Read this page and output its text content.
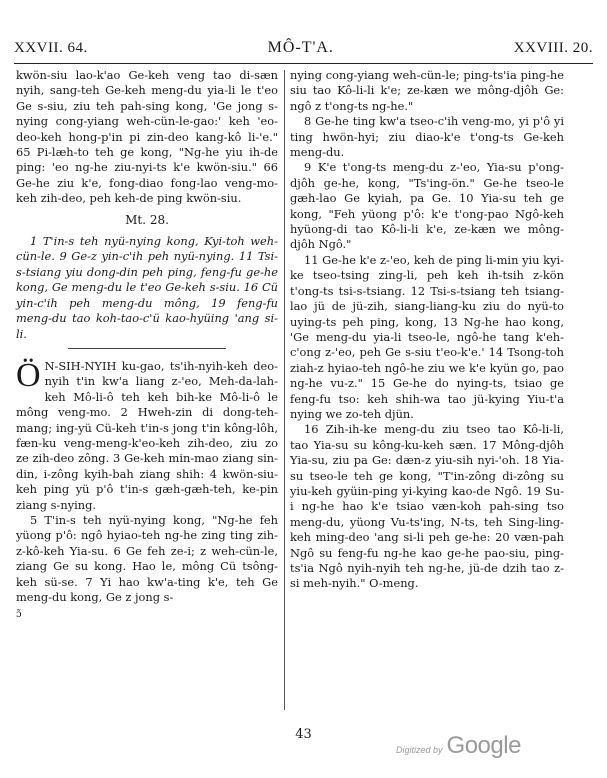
XXVII. 64.	MÔ-T'A.	XXVIII. 20.

kwön-siu lao-k'ao Ge-keh veng tao di-sæn nyih, sang-teh Ge-keh meng-du yia-li le t'eo Ge s-siu, ziu teh pah-sing kong, 'Ge jong s-nying cong-yiang weh-cün-le-gao:' keh 'eo-deo-keh hong-p'in pi zin-deo kang-kô li-'e." 65 Pi-læh-to teh ge kong, "Ng-he yiu ih-de ping: 'eo ng-he ziu-nyi-ts k'e kwön-siu." 66 Ge-he ziu k'e, fong-diao fong-lao veng-mo-keh zih-deo, peh keh-de ping kwön-siu.

Mt. 28.

1 T'in-s teh nyü-nying kong, Kyi-toh weh-cün-le. 9 Ge-z yin-c'ih peh nyü-nying. 11 Tsi-s-tsiang yiu dong-din peh ping, feng-fu ge-he kong, Ge meng-du le t'eo Ge-keh s-siu. 16 Cü yin-c'ih peh meng-du mông, 19 feng-fu meng-du tao koh-tao-c'ü kao-hyüing 'ang si-li.

Ö N-SIH-NYIH ku-gao, ts'ih-nyih-keh deo-nyih t'in kw'a liang z-'eo, Meh-da-lah-keh Mô-li-ô teh keh bih-ke Mô-li-ô le mông veng-mo. 2 Hweh-zin di dong-teh-mang; ing-yü Cü-keh t'in-s jong t'in kông-lôh, fæn-ku veng-meng-k'eo-keh zih-deo, ziu zo ze zih-deo zông. 3 Ge-keh min-mao ziang sin-din, i-zông kyih-bah ziang shih: 4 kwön-siu-keh ping yü p'ô t'in-s gæh-gæh-teh, ke-pin ziang s-nying.

5 T'in-s teh nyü-nying kong, "Ng-he feh yüong p'ô: ngô hyiao-teh ng-he zing ting zih-z-kô-keh Yia-su. 6 Ge feh ze-i; z weh-cün-le, ziang Ge su kong. Hao le, mông Cü tsông-keh sü-se. 7 Yi hao kw'a-ting k'e, teh Ge meng-du kong, Ge z jong s-

ɔ̃

nying cong-yiang weh-cün-le; ping-ts'ia ping-he siu tao Kô-li-li k'e; ze-kæn we mông-djôh Ge: ngô z t'ong-ts ng-he."

8 Ge-he ting kw'a tseo-c'ih veng-mo, yi p'ô yi ting hwön-hyi; ziu diao-k'e t'ong-ts Ge-keh meng-du.

9 K'e t'ong-ts meng-du z-'eo, Yia-su p'ong-djôh ge-he, kong, "Ts'ing-ön." Ge-he tseo-le gæh-lao Ge kyiah, pa Ge. 10 Yia-su teh ge kong, "Feh yüong p'ô: k'e t'ong-pao Ngô-keh hyüong-di tao Kô-li-li k'e, ze-kæn we mông-djôh Ngô."

11 Ge-he k'e z-'eo, keh de ping li-min yiu kyi-ke tseo-tsing zing-li, peh keh ih-tsih z-kön t'ong-ts tsi-s-tsiang. 12 Tsi-s-tsiang teh tsiang-lao jü de jü-zih, siang-liang-ku ziu do nyü-to uying-ts peh ping, kong, 13 Ng-he hao kong, 'Ge meng-du yia-li tseo-le, ngô-he tang k'eh-c'ong z-'eo, peh Ge s-siu t'eo-k'e.' 14 Tsong-toh ziah-z hyiao-teh ngô-he ziu we k'e kyün go, pao ng-he vu-z." 15 Ge-he do nying-ts, tsiao ge feng-fu tso: keh shih-wa tao jü-kying Yiu-t'a nying we zo-teh djün.

16 Zih-ih-ke meng-du ziu tseo tao Kô-li-li, tao Yia-su su kông-ku-keh sæn. 17 Mông-djôh Yia-su, ziu pa Ge: dæn-z yiu-sih nyi-'oh. 18 Yia-su tseo-le teh ge kong, "T'in-zông di-zông su yiu-keh gyüin-ping yi-kying kao-de Ngô. 19 Su-i ng-he hao k'e tsiao væn-koh pah-sing tso meng-du, yüong Vu-ts'ing, N-ts, teh Sing-ling-keh ming-deo 'ang si-li peh ge-he: 20 væn-pah Ngô su feng-fu ng-he kao ge-he pao-siu, ping-ts'ia Ngô nyih-nyih teh ng-he, jü-de dzih tao z-si meh-nyih." O-meng.

43
Digitized by Google
